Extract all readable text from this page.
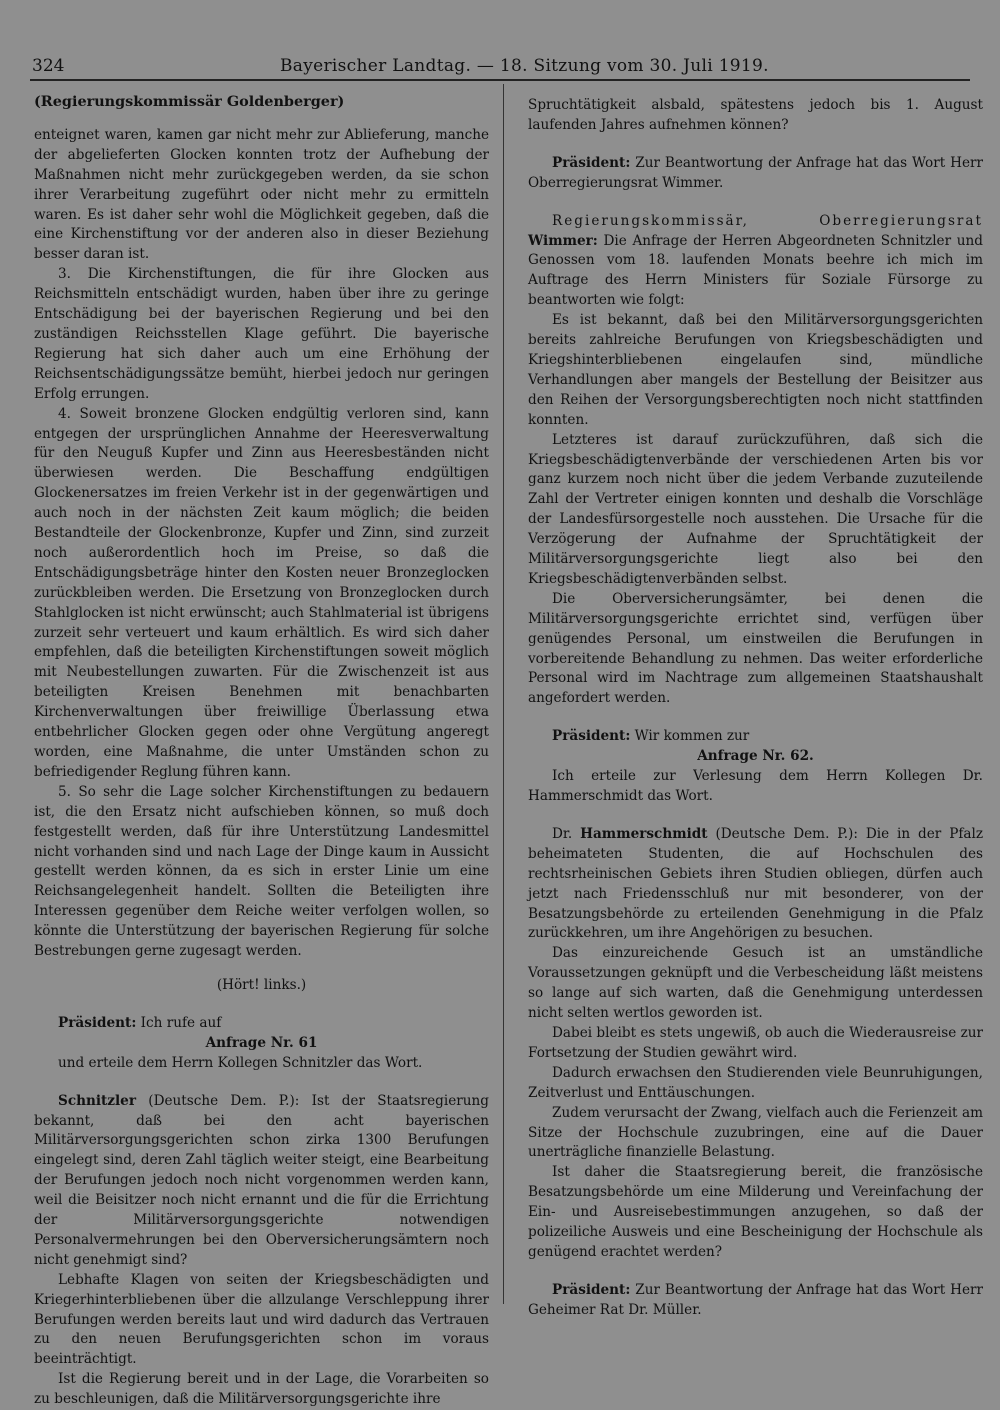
324	Bayerischer Landtag. — 18. Sitzung vom 30. Juli 1919.

(Regierungskommissär Goldenberger)

enteignet waren, kamen gar nicht mehr zur Ablieferung, manche der abgelieferten Glocken konnten trotz der Aufhebung der Maßnahmen nicht mehr zurückgegeben werden, da sie schon ihrer Verarbeitung zugeführt oder nicht mehr zu ermitteln waren. Es ist daher sehr wohl die Möglichkeit gegeben, daß die eine Kirchenstiftung vor der anderen also in dieser Beziehung besser daran ist.

3. Die Kirchenstiftungen, die für ihre Glocken aus Reichsmitteln entschädigt wurden, haben über ihre zu geringe Entschädigung bei der bayerischen Regierung und bei den zuständigen Reichsstellen Klage geführt. Die bayerische Regierung hat sich daher auch um eine Erhöhung der Reichsentschädigungssätze bemüht, hierbei jedoch nur geringen Erfolg errungen.

4. Soweit bronzene Glocken endgültig verloren sind, kann entgegen der ursprünglichen Annahme der Heeresverwaltung für den Neuguß Kupfer und Zinn aus Heeresbeständen nicht überwiesen werden. Die Beschaffung endgültigen Glockenersatzes im freien Verkehr ist in der gegenwärtigen und auch noch in der nächsten Zeit kaum möglich; die beiden Bestandteile der Glockenbronze, Kupfer und Zinn, sind zurzeit noch außerordentlich hoch im Preise, so daß die Entschädigungsbeträge hinter den Kosten neuer Bronzeglocken zurückbleiben werden. Die Ersetzung von Bronzeglocken durch Stahlglocken ist nicht erwünscht; auch Stahlmaterial ist übrigens zurzeit sehr verteuert und kaum erhältlich. Es wird sich daher empfehlen, daß die beteiligten Kirchenstiftungen soweit möglich mit Neubestellungen zuwarten. Für die Zwischenzeit ist aus beteiligten Kreisen Benehmen mit benachbarten Kirchenverwaltungen über freiwillige Überlassung etwa entbehrlicher Glocken gegen oder ohne Vergütung angeregt worden, eine Maßnahme, die unter Umständen schon zu befriedigender Reglung führen kann.

5. So sehr die Lage solcher Kirchenstiftungen zu bedauern ist, die den Ersatz nicht aufschieben können, so muß doch festgestellt werden, daß für ihre Unterstützung Landesmittel nicht vorhanden sind und nach Lage der Dinge kaum in Aussicht gestellt werden können, da es sich in erster Linie um eine Reichsangelegenheit handelt. Sollten die Beteiligten ihre Interessen gegenüber dem Reiche weiter verfolgen wollen, so könnte die Unterstützung der bayerischen Regierung für solche Bestrebungen gerne zugesagt werden.

(Hört! links.)

Präsident: Ich rufe auf

Anfrage Nr. 61

und erteile dem Herrn Kollegen Schnitzler das Wort.

Schnitzler (Deutsche Dem. P.): Ist der Staatsregierung bekannt, daß bei den acht bayerischen Militärversorgungsgerichten schon zirka 1300 Berufungen eingelegt sind, deren Zahl täglich weiter steigt, eine Bearbeitung der Berufungen jedoch noch nicht vorgenommen werden kann, weil die Beisitzer noch nicht ernannt und die für die Errichtung der Militärversorgungsgerichte notwendigen Personalvermehrungen bei den Oberversicherungsämtern noch nicht genehmigt sind?

Lebhafte Klagen von seiten der Kriegsbeschädigten und Kriegerhinterbliebenen über die allzulange Verschleppung ihrer Berufungen werden bereits laut und wird dadurch das Vertrauen zu den neuen Berufungsgerichten schon im voraus beeinträchtigt.

Ist die Regierung bereit und in der Lage, die Vorarbeiten so zu beschleunigen, daß die Militärversorgungsgerichte ihre

Spruchtätigkeit alsbald, spätestens jedoch bis 1. August laufenden Jahres aufnehmen können?

Präsident: Zur Beantwortung der Anfrage hat das Wort Herr Oberregierungsrat Wimmer.

Regierungskommissär, Oberregierungsrat Wimmer: Die Anfrage der Herren Abgeordneten Schnitzler und Genossen vom 18. laufenden Monats beehre ich mich im Auftrage des Herrn Ministers für Soziale Fürsorge zu beantworten wie folgt:

Es ist bekannt, daß bei den Militärversorgungsgerichten bereits zahlreiche Berufungen von Kriegsbeschädigten und Kriegshinterbliebenen eingelaufen sind, mündliche Verhandlungen aber mangels der Bestellung der Beisitzer aus den Reihen der Versorgungsberechtigten noch nicht stattfinden konnten.

Letzteres ist darauf zurückzuführen, daß sich die Kriegsbeschädigtenverbände der verschiedenen Arten bis vor ganz kurzem noch nicht über die jedem Verbande zuzuteilende Zahl der Vertreter einigen konnten und deshalb die Vorschläge der Landesfürsorgestelle noch ausstehen. Die Ursache für die Verzögerung der Aufnahme der Spruchtätigkeit der Militärversorgungsgerichte liegt also bei den Kriegsbeschädigtenverbänden selbst.

Die Oberversicherungsämter, bei denen die Militärversorgungsgerichte errichtet sind, verfügen über genügendes Personal, um einstweilen die Berufungen in vorbereitende Behandlung zu nehmen. Das weiter erforderliche Personal wird im Nachtrage zum allgemeinen Staatshaushalt angefordert werden.

Präsident: Wir kommen zur

Anfrage Nr. 62.

Ich erteile zur Verlesung dem Herrn Kollegen Dr. Hammerschmidt das Wort.

Dr. Hammerschmidt (Deutsche Dem. P.): Die in der Pfalz beheimateten Studenten, die auf Hochschulen des rechtsrheinischen Gebiets ihren Studien obliegen, dürfen auch jetzt nach Friedensschluß nur mit besonderer, von der Besatzungsbehörde zu erteilenden Genehmigung in die Pfalz zurückkehren, um ihre Angehörigen zu besuchen.

Das einzureichende Gesuch ist an umständliche Voraussetzungen geknüpft und die Verbescheidung läßt meistens so lange auf sich warten, daß die Genehmigung unterdessen nicht selten wertlos geworden ist.

Dabei bleibt es stets ungewiß, ob auch die Wiederausreise zur Fortsetzung der Studien gewährt wird.

Dadurch erwachsen den Studierenden viele Beunruhigungen, Zeitverlust und Enttäuschungen.

Zudem verursacht der Zwang, vielfach auch die Ferienzeit am Sitze der Hochschule zuzubringen, eine auf die Dauer unerträgliche finanzielle Belastung.

Ist daher die Staatsregierung bereit, die französische Besatzungsbehörde um eine Milderung und Vereinfachung der Ein- und Ausreisebestimmungen anzugehen, so daß der polizeiliche Ausweis und eine Bescheinigung der Hochschule als genügend erachtet werden?

Präsident: Zur Beantwortung der Anfrage hat das Wort Herr Geheimer Rat Dr. Müller.
